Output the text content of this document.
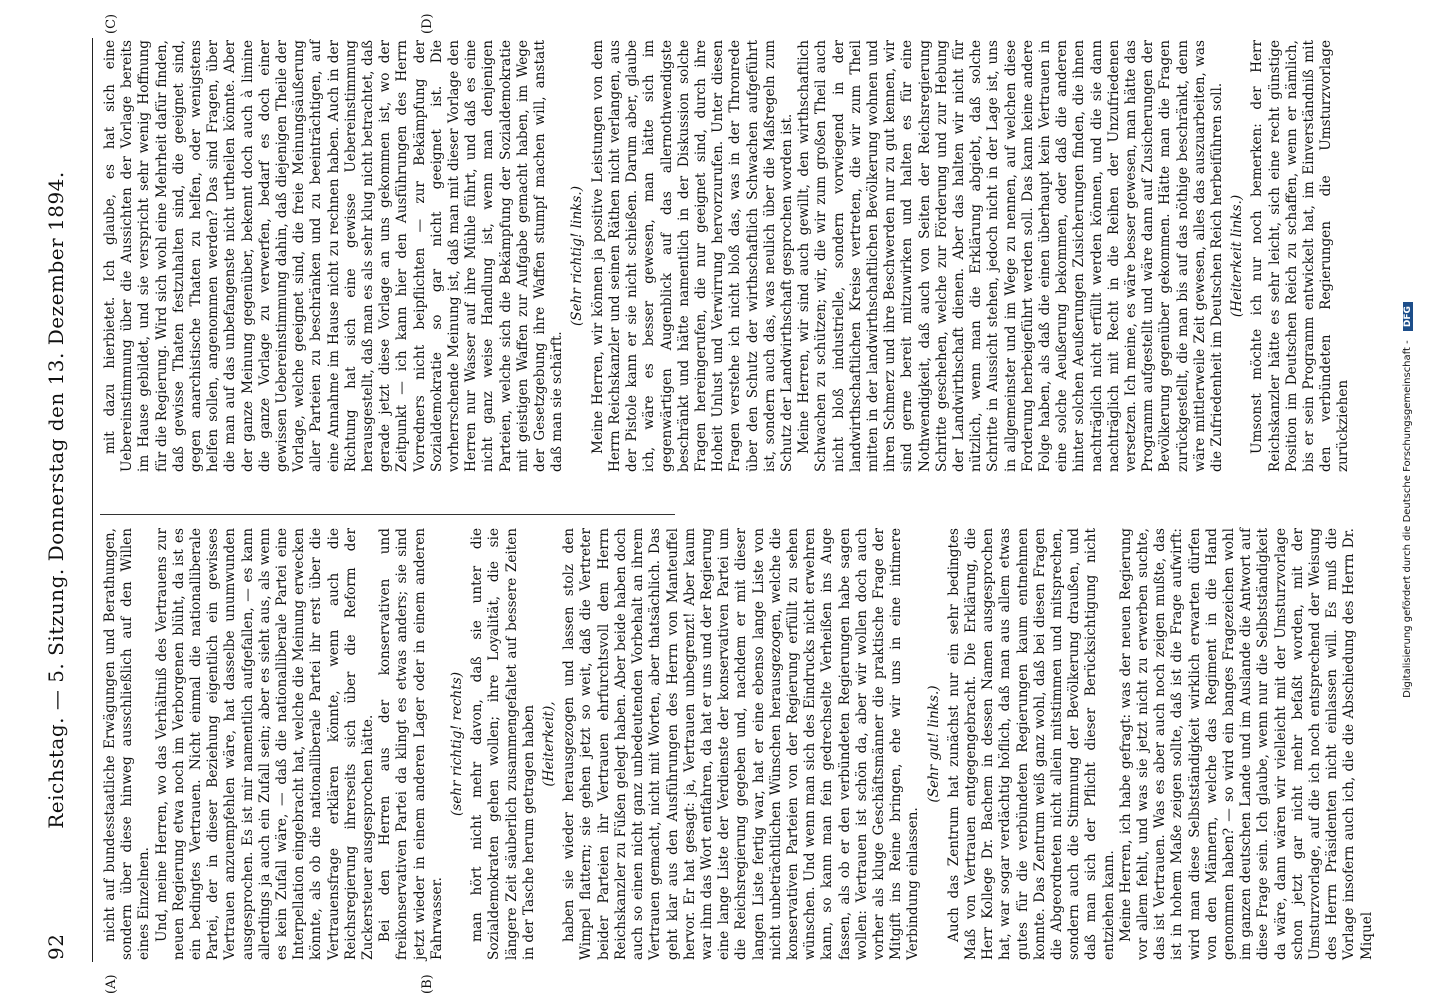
92
Reichstag. — 5. Sitzung. Donnerstag den 13. Dezember 1894.
(A)	(B)
(C)	(D)

nicht auf bundesstaatliche Erwägungen und Berathungen, sondern über diese hinweg ausschließlich auf den Willen eines Einzelnen. Und, meine Herren, wo das Verhältniß des Vertrauens zur neuen Regierung etwa noch im Verborgenen blüht, da ist es ein bedingtes Vertrauen. Nicht einmal die nationalliberale Partei, der in dieser Beziehung eigentlich ein gewisses Vertrauen anzuempfehlen wäre, hat dasselbe unumwunden ausgesprochen. Es ist mir namentlich aufgefallen, — es kann allerdings ja auch ein Zufall sein; aber es sieht aus, als wenn es kein Zufall wäre, — daß die nationalliberale Partei eine Interpellation eingebracht hat, welche die Meinung erwecken könnte, als ob die nationalliberale Partei ihr erst über die Vertrauensfrage erklären könnte, wenn auch die Reichsregierung ihrerseits sich über die Reform der Zuckersteuer ausgesprochen hätte. Bei den Herren aus der konservativen und freikonservativen Partei da klingt es etwas anders; sie sind jetzt wieder in einem anderen Lager oder in einem anderen Fahrwasser.

(sehr richtig! rechts) man hört nicht mehr davon, daß sie unter die Sozialdemokraten gehen wollen; ihre Loyalität, die sie längere Zeit säuberlich zusammengefaltet auf bessere Zeiten in der Tasche herum getragen haben (Heiterkeit), haben sie wieder herausgezogen und lassen stolz den Wimpel flattern; sie gehen jetzt so weit, daß die Vertreter beider Parteien ihr Vertrauen ehrfurchtsvoll dem Herrn Reichskanzler zu Füßen gelegt haben. Aber beide haben doch auch so einen nicht ganz unbedeutenden Vorbehalt an ihrem Vertrauen gemacht, nicht mit Worten, aber thatsächlich. Das geht klar aus den Ausführungen des Herrn von Manteuffel hervor. Er hat gesagt: ja, Vertrauen unbegrenzt! Aber kaum war ihm das Wort entfahren, da hat er uns und der Regierung eine lange Liste der Verdienste der konservativen Partei um die Reichsregierung gegeben und, nachdem er mit dieser langen Liste fertig war, hat er eine ebenso lange Liste von nicht unbeträchtlichen Wünschen herausgezogen, welche die konservativen Parteien von der Regierung erfüllt zu sehen wünschen. Und wenn man sich des Eindrucks nicht erwehren kann, so kann man fein gedrechselte Verheißen ins Auge fassen, als ob er den verbündeten Regierungen habe sagen wollen: Vertrauen ist schön da, aber wir wollen doch auch vorher als kluge Geschäftsmänner die praktische Frage der Mitgift ins Reine bringen, ehe wir uns in eine intimere Verbindung einlassen.

(Sehr gut! links.) Auch das Zentrum hat zunächst nur ein sehr bedingtes Maß von Vertrauen entgegengebracht. Die Erklärung, die Herr Kollege Dr. Bachem in dessen Namen ausgesprochen hat, war sogar verdächtig höflich, daß man aus allem etwas gutes für die verbündeten Regierungen kaum entnehmen konnte. Das Zentrum weiß ganz wohl, daß bei diesen Fragen die Abgeordneten nicht allein mitstimmen und mitsprechen, sondern auch die Stimmung der Bevölkerung draußen, und daß man sich der Pflicht dieser Berücksichtigung nicht entziehen kann. Meine Herren, ich habe gefragt: was der neuen Regierung vor allem fehlt, und was sie jetzt nicht zu erwerben suchte, das ist Vertrauen. Was es aber auch noch zeigen mußte, das ist in hohem Maße zeigen sollte, daß ist die Frage aufwirft: wird man diese Selbstständigkeit wirklich erwarten dürfen von den Männern, welche das Regiment in die Hand genommen haben? — so wird ein banges Fragezeichen wohl im ganzen deutschen Lande und im Auslande die Antwort auf diese Frage sein. Ich glaube, wenn nur die Selbstständigkeit da wäre, dann wären wir vielleicht mit der Umsturzvorlage schon jetzt gar nicht mehr befaßt worden, mit der Umsturzvorlage, auf die ich noch entsprechend der Weisung des Herrn Präsidenten nicht einlassen will. Es muß die Vorlage insofern auch ich, die die Abschiedung des Herrn Dr. Miquel

mit dazu hierbietet. Ich glaube, es hat sich eine Uebereinstimmung über die Aussichten der Vorlage bereits im Hause gebildet, und sie verspricht sehr wenig Hoffnung für die Regierung. Wird sich wohl eine Mehrheit dafür finden, daß gewisse Thaten festzuhalten sind, die geeignet sind, gegen anarchistische Thaten zu helfen, oder wenigstens helfen sollen, angenommen werden? Das sind Fragen, über die man auf das unbefangenste nicht urtheilen könnte. Aber der ganze Meinung gegenüber, bekennt doch auch à limine die ganze Vorlage zu verwerfen, bedarf es doch einer gewissen Uebereinstimmung dahin, daß diejenigen Theile der Vorlage, welche geeignet sind, die freie Meinungsäußerung aller Parteien zu beschränken und zu beeinträchtigen, auf eine Annahme im Hause nicht zu rechnen haben. Auch in der Richtung hat sich eine gewisse Uebereinstimmung herausgestellt, daß man es als sehr klug nicht betrachtet, daß gerade jetzt diese Vorlage an uns gekommen ist, wo der Zeitpunkt — ich kann hier den Ausführungen des Herrn Vorredners nicht beipflichten — zur Bekämpfung der Sozialdemokratie so gar nicht geeignet ist. Die vorherrschende Meinung ist, daß man mit dieser Vorlage den Herren nur Wasser auf ihre Mühle führt, und daß es eine nicht ganz weise Handlung ist, wenn man denjenigen Parteien, welche sich die Bekämpfung der Sozialdemokratie mit geistigen Waffen zur Aufgabe gemacht haben, im Wege der Gesetzgebung ihre Waffen stumpf machen will, anstatt daß man sie schärft.

(Sehr richtig! links.) Meine Herren, wir können ja positive Leistungen von dem Herrn Reichskanzler und seinen Räthen nicht verlangen, aus der Pistole kann er sie nicht schießen. Darum aber, glaube ich, wäre es besser gewesen, man hätte sich im gegenwärtigen Augenblick auf das allernothwendigste beschränkt und hätte namentlich in der Diskussion solche Fragen hereingerufen, die nur geeignet sind, durch ihre Hoheit Unlust und Verwirrung hervorzurufen. Unter diesen Fragen verstehe ich nicht bloß das, was in der Thronrede über den Schutz der wirthschaftlich Schwachen aufgeführt ist, sondern auch das, was neulich über die Maßregeln zum Schutz der Landwirthschaft gesprochen worden ist. Meine Herren, wir sind auch gewillt, den wirthschaftlich Schwachen zu schützen; wir, die wir zum großen Theil auch nicht bloß industrielle, sondern vorwiegend in der landwirthschaftlichen Kreise vertreten, die wir zum Theil mitten in der landwirthschaftlichen Bevölkerung wohnen und ihren Schmerz und ihre Beschwerden nur zu gut kennen, wir sind gerne bereit mitzuwirken und halten es für eine Nothwendigkeit, daß auch von Seiten der Reichsregierung Schritte geschehen, welche zur Förderung und zur Hebung der Landwirthschaft dienen. Aber das halten wir nicht für nützlich, wenn man die Erklärung abgiebt, daß solche Schritte in Aussicht stehen, jedoch nicht in der Lage ist, uns in allgemeinster und im Wege zu nennen, auf welchen diese Forderung herbeigeführt werden soll. Das kann keine andere Folge haben, als daß die einen überhaupt kein Vertrauen in eine solche Aeußerung bekommen, oder daß die anderen hinter solchen Aeußerungen Zusicherungen finden, die ihnen nachträglich nicht erfüllt werden können, und die sie dann nachträglich mit Recht in die Reihen der Unzufriedenen versetzen. Ich meine, es wäre besser gewesen, man hätte das Programm aufgestellt und wäre dann auf Zusicherungen der Bevölkerung gegenüber gekommen. Hätte man die Fragen zurückgestellt, die man bis auf das nöthige beschränkt, denn wäre mittlerweile Zeit gewesen, alles das auszuarbeiten, was die Zufriedenheit im Deutschen Reich herbeiführen soll. (Heiterkeit links.) Umsonst möchte ich nur noch bemerken: der Herr Reichskanzler hätte es sehr leicht, sich eine recht günstige Position im Deutschen Reich zu schaffen, wenn er nämlich, bis er sein Programm entwickelt hat, im Einverständniß mit den verbündeten Regierungen die Umsturzvorlage zurückziehen	Digitalisierung gefördert durch die Deutsche Forschungsgemeinschaft - DFG
